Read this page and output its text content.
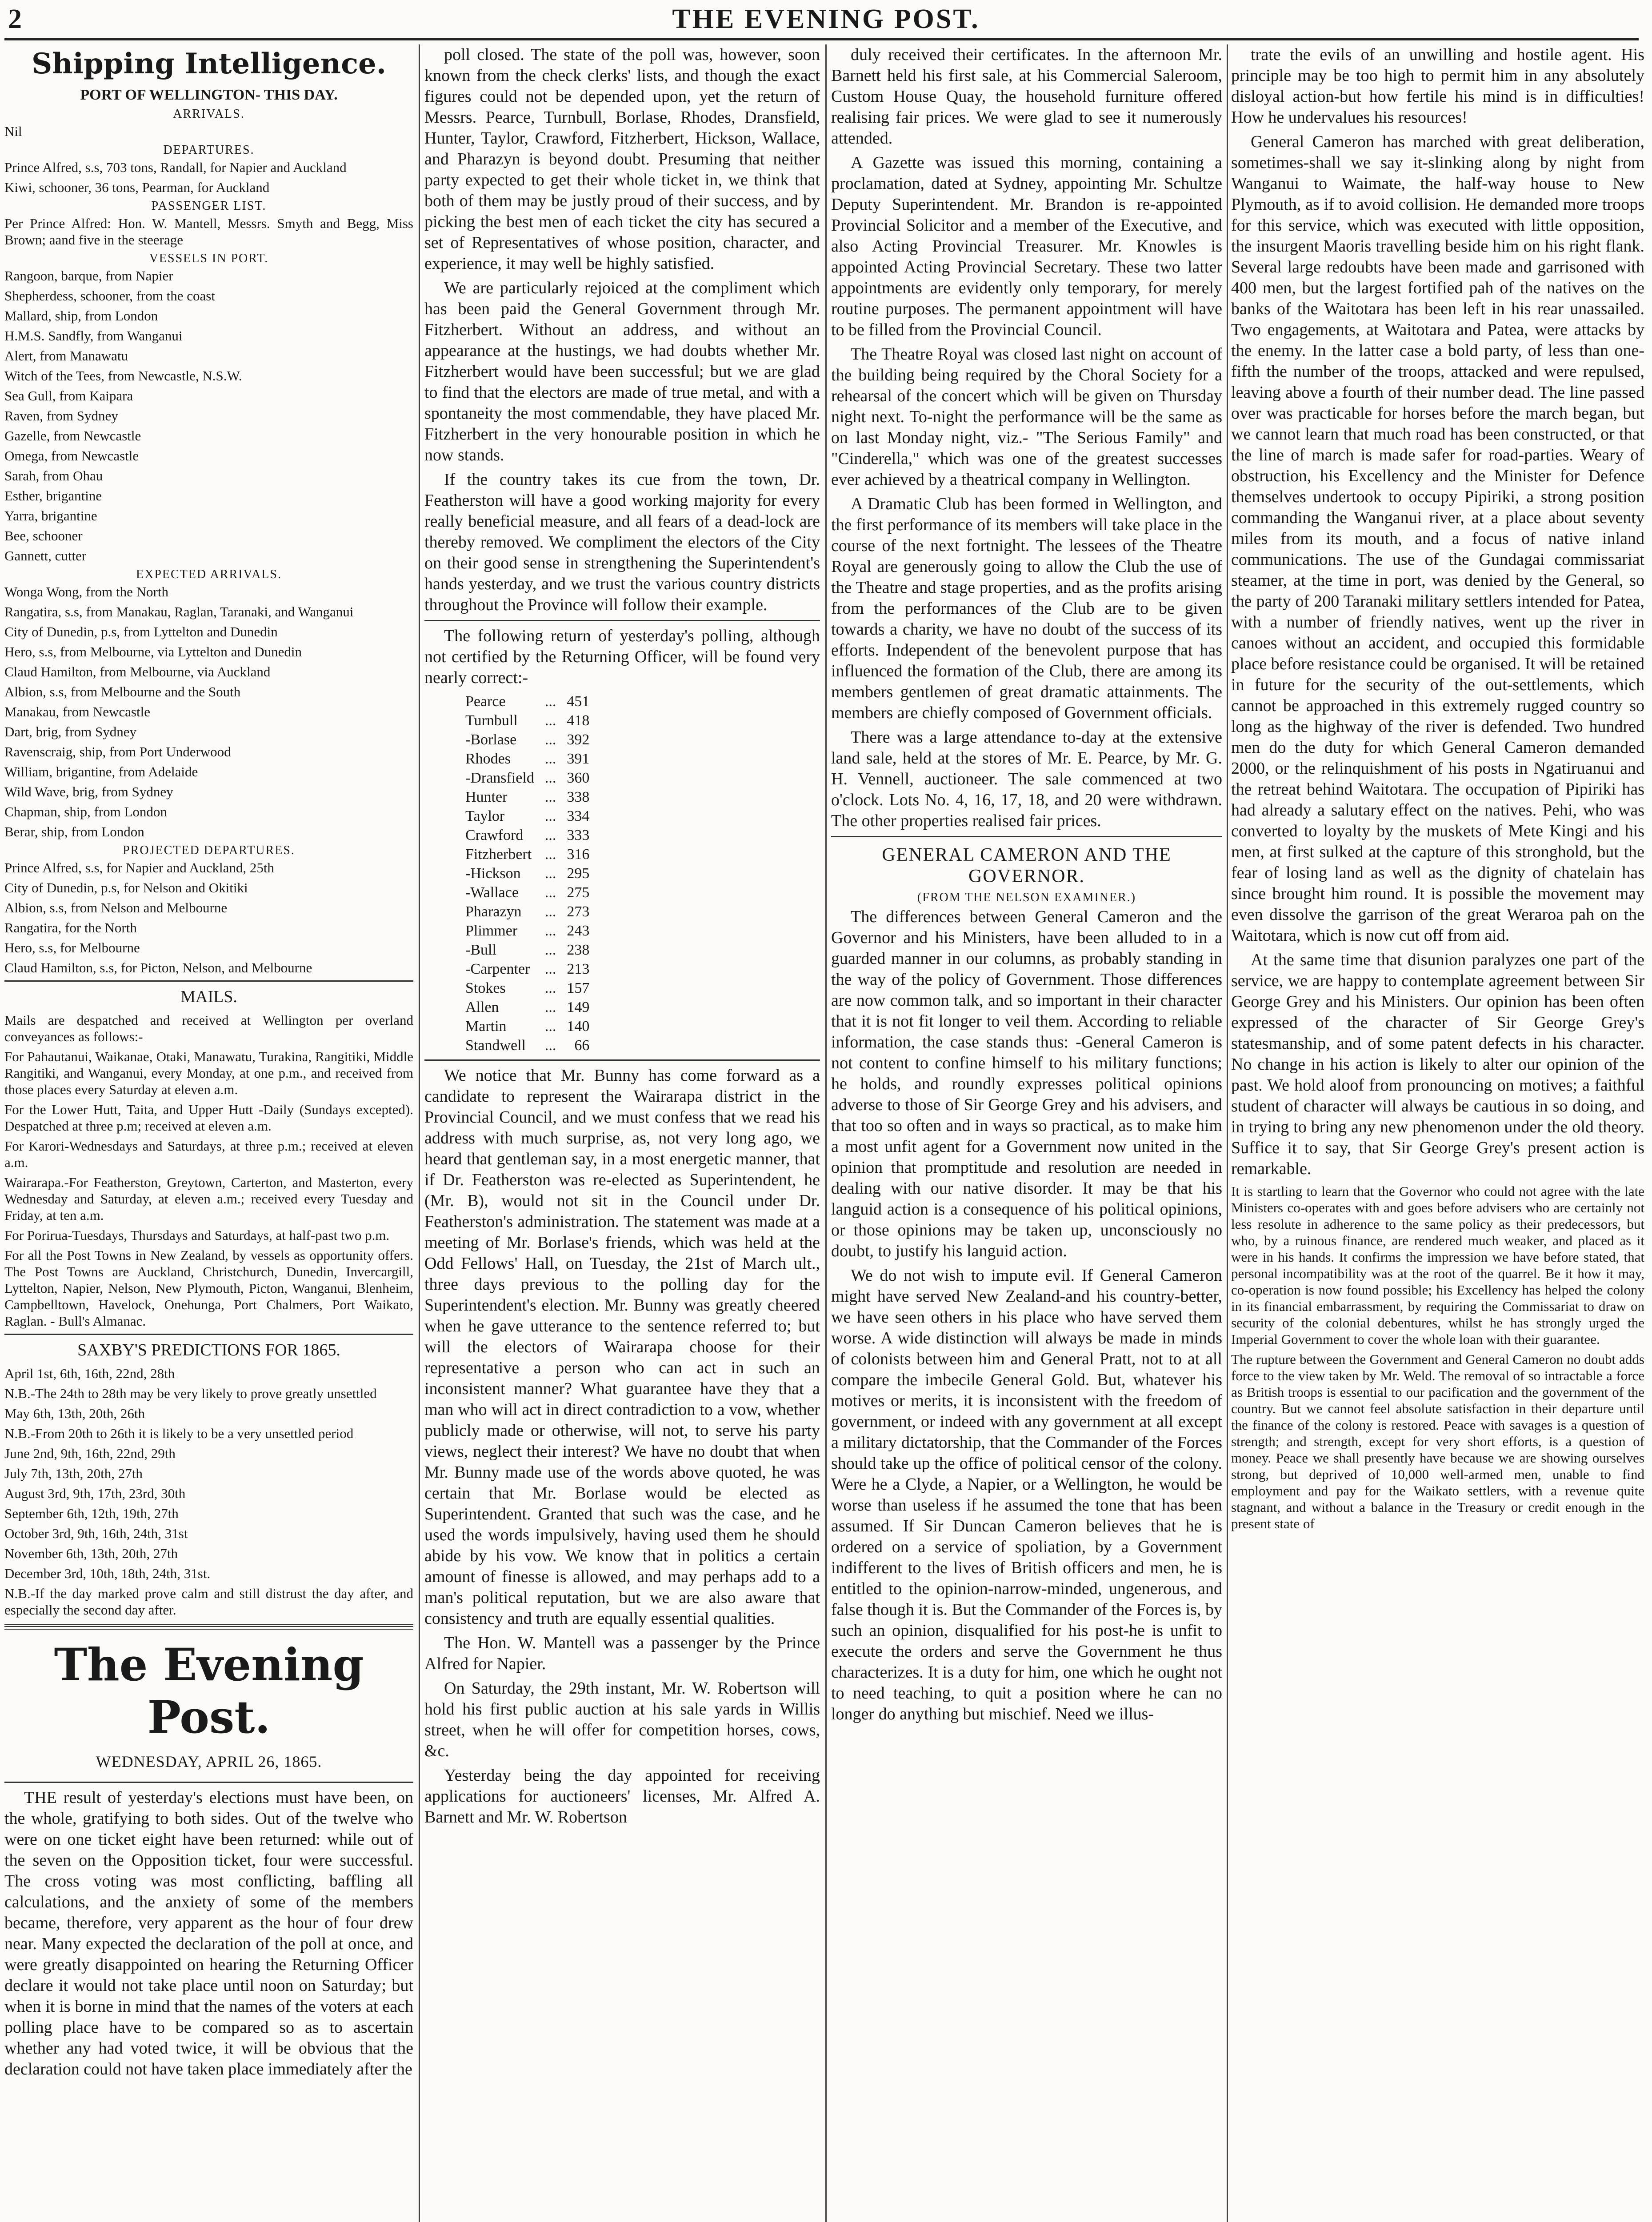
2	THE EVENING POST.
Shipping Intelligence.
PORT OF WELLINGTON- THIS DAY.
ARRIVALS.

Nil

DEPARTURES.

Prince Alfred, s.s, 703 tons, Randall, for Napier and Auckland

Kiwi, schooner, 36 tons, Pearman, for Auckland

PASSENGER LIST.
Per Prince Alfred: Hon. W. Mantell, Messrs. Smyth and Begg, Miss Brown; aand five in the steerage
VESSELS IN PORT.

Rangoon, barque, from Napier

Shepherdess, schooner, from the coast

Mallard, ship, from London

H.M.S. Sandfly, from Wanganui

Alert, from Manawatu

Witch of the Tees, from Newcastle, N.S.W.

Sea Gull, from Kaipara

Raven, from Sydney

Gazelle, from Newcastle

Omega, from Newcastle

Sarah, from Ohau

Esther, brigantine

Yarra, brigantine

Bee, schooner

Gannett, cutter

EXPECTED ARRIVALS.

Wonga Wong, from the North

Rangatira, s.s, from Manakau, Raglan, Taranaki, and Wanganui

City of Dunedin, p.s, from Lyttelton and Dunedin

Hero, s.s, from Melbourne, via Lyttelton and Dunedin

Claud Hamilton, from Melbourne, via Auckland

Albion, s.s, from Melbourne and the South

Manakau, from Newcastle

Dart, brig, from Sydney

Ravenscraig, ship, from Port Underwood

William, brigantine, from Adelaide

Wild Wave, brig, from Sydney

Chapman, ship, from London

Berar, ship, from London

PROJECTED DEPARTURES.

Prince Alfred, s.s, for Napier and Auckland, 25th

City of Dunedin, p.s, for Nelson and Okitiki

Albion, s.s, from Nelson and Melbourne

Rangatira, for the North

Hero, s.s, for Melbourne

Claud Hamilton, s.s, for Picton, Nelson, and Melbourne

MAILS.

Mails are despatched and received at Wellington per overland conveyances as follows:-

For Pahautanui, Waikanae, Otaki, Manawatu, Turakina, Rangitiki, Middle Rangitiki, and Wanganui, every Monday, at one p.m., and received from those places every Saturday at eleven a.m.

For the Lower Hutt, Taita, and Upper Hutt -Daily (Sundays excepted). Despatched at three p.m; received at eleven a.m.

For Karori-Wednesdays and Saturdays, at three p.m.; received at eleven a.m.

Wairarapa.-For Featherston, Greytown, Carterton, and Masterton, every Wednesday and Saturday, at eleven a.m.; received every Tuesday and Friday, at ten a.m.

For Porirua-Tuesdays, Thursdays and Saturdays, at half-past two p.m.

For all the Post Towns in New Zealand, by vessels as opportunity offers. The Post Towns are Auckland, Christchurch, Dunedin, Invercargill, Lyttelton, Napier, Nelson, New Plymouth, Picton, Wanganui, Blenheim, Campbelltown, Havelock, Onehunga, Port Chalmers, Port Waikato, Raglan. - Bull's Almanac.

SAXBY'S PREDICTIONS FOR 1865.

April 1st, 6th, 16th, 22nd, 28th

N.B.-The 24th to 28th may be very likely to prove greatly unsettled

May 6th, 13th, 20th, 26th

N.B.-From 20th to 26th it is likely to be a very unsettled period

June 2nd, 9th, 16th, 22nd, 29th

July 7th, 13th, 20th, 27th

August 3rd, 9th, 17th, 23rd, 30th

September 6th, 12th, 19th, 27th

October 3rd, 9th, 16th, 24th, 31st

November 6th, 13th, 20th, 27th

December 3rd, 10th, 18th, 24th, 31st.

N.B.-If the day marked prove calm and still distrust the day after, and especially the second day after.

The Evening Post.
WEDNESDAY, APRIL 26, 1865.

THE result of yesterday's elections must have been, on the whole, gratifying to both sides. Out of the twelve who were on one ticket eight have been returned: while out of the seven on the Opposition ticket, four were successful. The cross voting was most conflicting, baffling all calculations, and the anxiety of some of the members became, therefore, very apparent as the hour of four drew near. Many expected the declaration of the poll at once, and were greatly disappointed on hearing the Returning Officer declare it would not take place until noon on Saturday; but when it is borne in mind that the names of the voters at each polling place have to be compared so as to ascertain whether any had voted twice, it will be obvious that the declaration could not have taken place immediately after the

poll closed. The state of the poll was, however, soon known from the check clerks' lists, and though the exact figures could not be depended upon, yet the return of Messrs. Pearce, Turnbull, Borlase, Rhodes, Dransfield, Hunter, Taylor, Crawford, Fitzherbert, Hickson, Wallace, and Pharazyn is beyond doubt. Presuming that neither party expected to get their whole ticket in, we think that both of them may be justly proud of their success, and by picking the best men of each ticket the city has secured a set of Representatives of whose position, character, and experience, it may well be highly satisfied.

We are particularly rejoiced at the compliment which has been paid the General Government through Mr. Fitzherbert. Without an address, and without an appearance at the hustings, we had doubts whether Mr. Fitzherbert would have been successful; but we are glad to find that the electors are made of true metal, and with a spontaneity the most commendable, they have placed Mr. Fitzherbert in the very honourable position in which he now stands.

If the country takes its cue from the town, Dr. Featherston will have a good working majority for every really beneficial measure, and all fears of a dead-lock are thereby removed. We compliment the electors of the City on their good sense in strengthening the Superintendent's hands yesterday, and we trust the various country districts throughout the Province will follow their example.

The following return of yesterday's polling, although not certified by the Returning Officer, will be found very nearly correct:-

Pearce	...	451
Turnbull	...	418
-Borlase	...	392
Rhodes	...	391
-Dransfield	...	360
Hunter	...	338
Taylor	...	334
Crawford	...	333
Fitzherbert	...	316
-Hickson	...	295
-Wallace	...	275
Pharazyn	...	273
Plimmer	...	243
-Bull	...	238
-Carpenter	...	213
Stokes	...	157
Allen	...	149
Martin	...	140
Standwell	...	66

We notice that Mr. Bunny has come forward as a candidate to represent the Wairarapa district in the Provincial Council, and we must confess that we read his address with much surprise, as, not very long ago, we heard that gentleman say, in a most energetic manner, that if Dr. Featherston was re-elected as Superintendent, he (Mr. B), would not sit in the Council under Dr. Featherston's administration. The statement was made at a meeting of Mr. Borlase's friends, which was held at the Odd Fellows' Hall, on Tuesday, the 21st of March ult., three days previous to the polling day for the Superintendent's election. Mr. Bunny was greatly cheered when he gave utterance to the sentence referred to; but will the electors of Wairarapa choose for their representative a person who can act in such an inconsistent manner? What guarantee have they that a man who will act in direct contradiction to a vow, whether publicly made or otherwise, will not, to serve his party views, neglect their interest? We have no doubt that when Mr. Bunny made use of the words above quoted, he was certain that Mr. Borlase would be elected as Superintendent. Granted that such was the case, and he used the words impulsively, having used them he should abide by his vow. We know that in politics a certain amount of finesse is allowed, and may perhaps add to a man's political reputation, but we are also aware that consistency and truth are equally essential qualities.

The Hon. W. Mantell was a passenger by the Prince Alfred for Napier.

On Saturday, the 29th instant, Mr. W. Robertson will hold his first public auction at his sale yards in Willis street, when he will offer for competition horses, cows, &c.

Yesterday being the day appointed for receiving applications for auctioneers' licenses, Mr. Alfred A. Barnett and Mr. W. Robertson

duly received their certificates. In the afternoon Mr. Barnett held his first sale, at his Commercial Saleroom, Custom House Quay, the household furniture offered realising fair prices. We were glad to see it numerously attended.

A Gazette was issued this morning, containing a proclamation, dated at Sydney, appointing Mr. Schultze Deputy Superintendent. Mr. Brandon is re-appointed Provincial Solicitor and a member of the Executive, and also Acting Provincial Treasurer. Mr. Knowles is appointed Acting Provincial Secretary. These two latter appointments are evidently only temporary, for merely routine purposes. The permanent appointment will have to be filled from the Provincial Council.

The Theatre Royal was closed last night on account of the building being required by the Choral Society for a rehearsal of the concert which will be given on Thursday night next. To-night the performance will be the same as on last Monday night, viz.- "The Serious Family" and "Cinderella," which was one of the greatest successes ever achieved by a theatrical company in Wellington.

A Dramatic Club has been formed in Wellington, and the first performance of its members will take place in the course of the next fortnight. The lessees of the Theatre Royal are generously going to allow the Club the use of the Theatre and stage properties, and as the profits arising from the performances of the Club are to be given towards a charity, we have no doubt of the success of its efforts. Independent of the benevolent purpose that has influenced the formation of the Club, there are among its members gentlemen of great dramatic attainments. The members are chiefly composed of Government officials.

There was a large attendance to-day at the extensive land sale, held at the stores of Mr. E. Pearce, by Mr. G. H. Vennell, auctioneer. The sale commenced at two o'clock. Lots No. 4, 16, 17, 18, and 20 were withdrawn. The other properties realised fair prices.

GENERAL CAMERON AND THE GOVERNOR.
(FROM THE NELSON EXAMINER.)

The differences between General Cameron and the Governor and his Ministers, have been alluded to in a guarded manner in our columns, as probably standing in the way of the policy of Government. Those differences are now common talk, and so important in their character that it is not fit longer to veil them. According to reliable information, the case stands thus: -General Cameron is not content to confine himself to his military functions; he holds, and roundly expresses political opinions adverse to those of Sir George Grey and his advisers, and that too so often and in ways so practical, as to make him a most unfit agent for a Government now united in the opinion that promptitude and resolution are needed in dealing with our native disorder. It may be that his languid action is a consequence of his political opinions, or those opinions may be taken up, unconsciously no doubt, to justify his languid action.

We do not wish to impute evil. If General Cameron might have served New Zealand-and his country-better, we have seen others in his place who have served them worse. A wide distinction will always be made in minds of colonists between him and General Pratt, not to at all compare the imbecile General Gold. But, whatever his motives or merits, it is inconsistent with the freedom of government, or indeed with any government at all except a military dictatorship, that the Commander of the Forces should take up the office of political censor of the colony. Were he a Clyde, a Napier, or a Wellington, he would be worse than useless if he assumed the tone that has been assumed. If Sir Duncan Cameron believes that he is ordered on a service of spoliation, by a Government indifferent to the lives of British officers and men, he is entitled to the opinion-narrow-minded, ungenerous, and false though it is. But the Commander of the Forces is, by such an opinion, disqualified for his post-he is unfit to execute the orders and serve the Government he thus characterizes. It is a duty for him, one which he ought not to need teaching, to quit a position where he can no longer do anything but mischief. Need we illus-

trate the evils of an unwilling and hostile agent. His principle may be too high to permit him in any absolutely disloyal action-but how fertile his mind is in difficulties! How he undervalues his resources!

General Cameron has marched with great deliberation, sometimes-shall we say it-slinking along by night from Wanganui to Waimate, the half-way house to New Plymouth, as if to avoid collision. He demanded more troops for this service, which was executed with little opposition, the insurgent Maoris travelling beside him on his right flank. Several large redoubts have been made and garrisoned with 400 men, but the largest fortified pah of the natives on the banks of the Waitotara has been left in his rear unassailed. Two engagements, at Waitotara and Patea, were attacks by the enemy. In the latter case a bold party, of less than one-fifth the number of the troops, attacked and were repulsed, leaving above a fourth of their number dead. The line passed over was practicable for horses before the march began, but we cannot learn that much road has been constructed, or that the line of march is made safer for road-parties. Weary of obstruction, his Excellency and the Minister for Defence themselves undertook to occupy Pipiriki, a strong position commanding the Wanganui river, at a place about seventy miles from its mouth, and a focus of native inland communications. The use of the Gundagai commissariat steamer, at the time in port, was denied by the General, so the party of 200 Taranaki military settlers intended for Patea, with a number of friendly natives, went up the river in canoes without an accident, and occupied this formidable place before resistance could be organised. It will be retained in future for the security of the out-settlements, which cannot be approached in this extremely rugged country so long as the highway of the river is defended. Two hundred men do the duty for which General Cameron demanded 2000, or the relinquishment of his posts in Ngatiruanui and the retreat behind Waitotara. The occupation of Pipiriki has had already a salutary effect on the natives. Pehi, who was converted to loyalty by the muskets of Mete Kingi and his men, at first sulked at the capture of this stronghold, but the fear of losing land as well as the dignity of chatelain has since brought him round. It is possible the movement may even dissolve the garrison of the great Weraroa pah on the Waitotara, which is now cut off from aid.

At the same time that disunion paralyzes one part of the service, we are happy to contemplate agreement between Sir George Grey and his Ministers. Our opinion has been often expressed of the character of Sir George Grey's statesmanship, and of some patent defects in his character. No change in his action is likely to alter our opinion of the past. We hold aloof from pronouncing on motives; a faithful student of character will always be cautious in so doing, and in trying to bring any new phenomenon under the old theory. Suffice it to say, that Sir George Grey's present action is remarkable.

It is startling to learn that the Governor who could not agree with the late Ministers co-operates with and goes before advisers who are certainly not less resolute in adherence to the same policy as their predecessors, but who, by a ruinous finance, are rendered much weaker, and placed as it were in his hands. It confirms the impression we have before stated, that personal incompatibility was at the root of the quarrel. Be it how it may, co-operation is now found possible; his Excellency has helped the colony in its financial embarrassment, by requiring the Commissariat to draw on security of the colonial debentures, whilst he has strongly urged the Imperial Government to cover the whole loan with their guarantee.

The rupture between the Government and General Cameron no doubt adds force to the view taken by Mr. Weld. The removal of so intractable a force as British troops is essential to our pacification and the government of the country. But we cannot feel absolute satisfaction in their departure until the finance of the colony is restored. Peace with savages is a question of strength; and strength, except for very short efforts, is a question of money. Peace we shall presently have because we are showing ourselves strong, but deprived of 10,000 well-armed men, unable to find employment and pay for the Waikato settlers, with a revenue quite stagnant, and without a balance in the Treasury or credit enough in the present state of
